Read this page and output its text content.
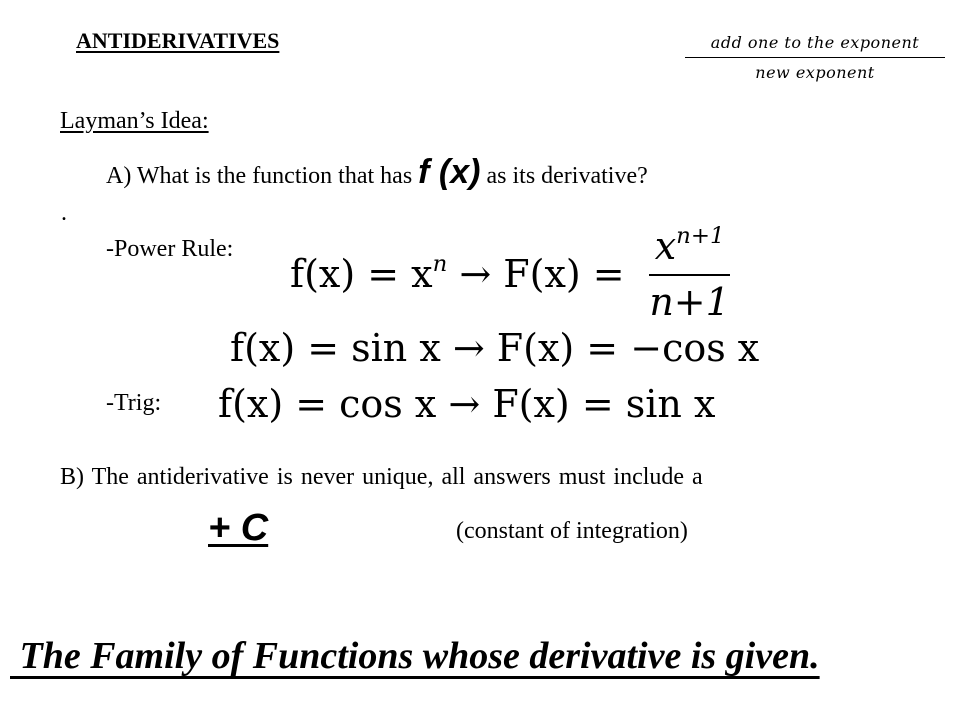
ANTIDERIVATIVES	add one to the exponent
new exponent
Layman’s Idea:
A) What is the function that has f (x) as its derivative?
.
-Power Rule:
$f(x) = x^n \to F(x) = \frac{x^{n+1}}{n+1}$
f(x) = sin x → F(x) = −cos x
-Trig: f(x) = cos x → F(x) = sin x
B) The antiderivative is never unique, all answers must include a
+ C	(constant of integration)
The Family of Functions whose derivative is given.
